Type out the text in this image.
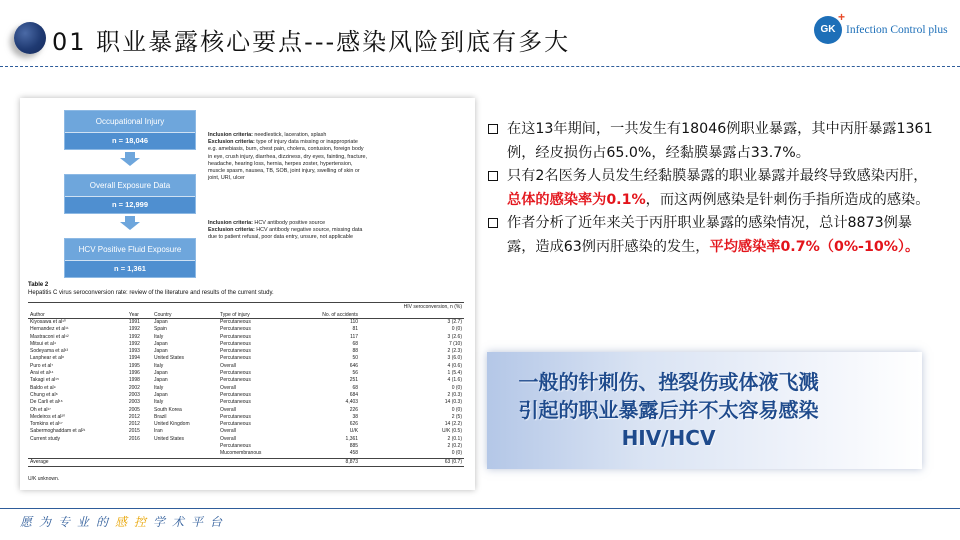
01 职业暴露核心要点---感染风险到底有多大	GK
+
Infection Control plus
Occupational Injury
n = 18,046
Overall Exposure Data
n = 12,999
HCV Positive Fluid Exposure
n = 1,361
Inclusion criteria: needlestick, laceration, splash
Exclusion criteria: type of injury data missing or inappropriate e.g. amebiasis, burn, chest pain, cholera, contusion, foreign body in eye, crush injury, diarrhea, dizziness, dry eyes, fainting, fracture, headache, hearing loss, hernia, herpes zoster, hypertension, muscle spasm, nausea, TB, SOB, joint injury, swelling of skin or joint, URI, ulcer
Inclusion criteria: HCV antibody positive source
Exclusion criteria: HCV antibody negative source, missing data due to patient refusal, poor data entry, unsure, not applicable
Table 2
Hepatitis C virus seroconversion rate: review of the literature and results of the current study.
					HIV seroconversion, n (%)
Author	Year	Country	Type of injury	No. of accidents	
Kiyosawa et al¹⁰	1991	Japan	Percutaneous	110	3 (2.7)
Hernandez et al¹¹	1992	Spain	Percutaneous	81	0 (0)
Mastraconi et al¹²	1992	Italy	Percutaneous	117	3 (2.6)
Mitsui et al⁴	1992	Japan	Percutaneous	68	7 (10)
Sodeyama et al¹³	1993	Japan	Percutaneous	88	2 (2.3)
Lanphear et al⁸	1994	United States	Percutaneous	50	3 (6.0)
Puro et al⁷	1995	Italy	Overall	646	4 (0.6)
Arai et al¹⁴	1996	Japan	Percutaneous	56	1 (5.4)
Takagi et al¹⁵	1998	Japan	Percutaneous	251	4 (1.6)
Baldo et al⁹	2002	Italy	Overall	68	0 (0)
Chung et al⁸	2003	Japan	Percutaneous	684	2 (0.3)
De Carli et al¹⁶	2003	Italy	Percutaneous	4,403	14 (0.3)
Oh et al¹⁷	2005	South Korea	Overall	226	0 (0)
Medeiros et al²⁰	2012	Brazil	Percutaneous	38	2 (5)
Tomkins et al¹⁷	2012	United Kingdom	Percutaneous	626	14 (2.2)
Sabermoghaddam et al²¹	2015	Iran	Overall	U/K	U/K (0.5)
Current study	2016	United States	Overall	1,361	2 (0.1)
			Percutaneous	885	2 (0.2)
			Mucomembranous	458	0 (0)
Average				8,873	63 (0.7)
U/K unknown.
在这13年期间，一共发生有18046例职业暴露，其中丙肝暴露1361例，经皮损伤占65.0%，经黏膜暴露占33.7%。
只有2名医务人员发生经黏膜暴露的职业暴露并最终导致感染丙肝，总体的感染率为0.1%，而这两例感染是针刺伤手指所造成的感染。
作者分析了近年来关于丙肝职业暴露的感染情况，总计8873例暴露，造成63例丙肝感染的发生，平均感染率0.7%（0%-10%）。
一般的针刺伤、挫裂伤或体液飞溅
引起的职业暴露后并不太容易感染
HIV/HCV
愿为专业的感控学术平台
